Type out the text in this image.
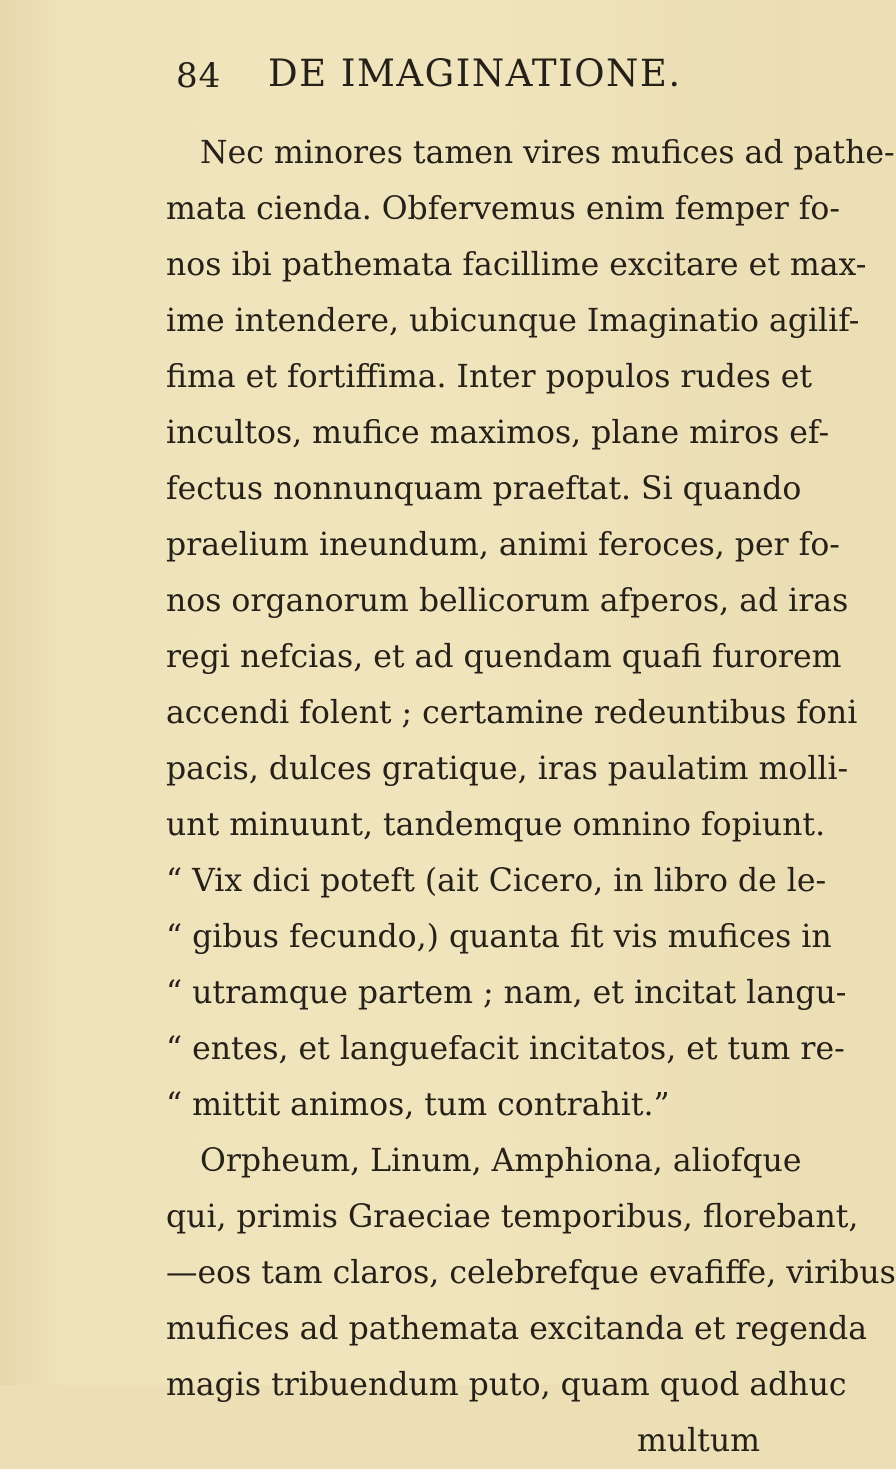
84 DE IMAGINATIONE.
Nec minores tamen vires mufices ad pathe-
mata cienda. Obfervemus enim femper fo-
nos ibi pathemata facillime excitare et max-
ime intendere, ubicunque Imaginatio agilif-
fima et fortiffima. Inter populos rudes et
incultos, mufice maximos, plane miros ef-
fectus nonnunquam praeftat. Si quando
praelium ineundum, animi feroces, per fo-
nos organorum bellicorum afperos, ad iras
regi nefcias, et ad quendam quafi furorem
accendi folent ; certamine redeuntibus foni
pacis, dulces gratique, iras paulatim molli-
unt minuunt, tandemque omnino fopiunt.
“ Vix dici poteft (ait Cicero, in libro de le-
“ gibus fecundo,) quanta fit vis mufices in
“ utramque partem ; nam, et incitat langu-
“ entes, et languefacit incitatos, et tum re-
“ mittit animos, tum contrahit.”
Orpheum, Linum, Amphiona, aliofque
qui, primis Graeciae temporibus, florebant,
—eos tam claros, celebrefque evafiffe, viribus
mufices ad pathemata excitanda et regenda
magis tribuendum puto, quam quod adhuc
multum
